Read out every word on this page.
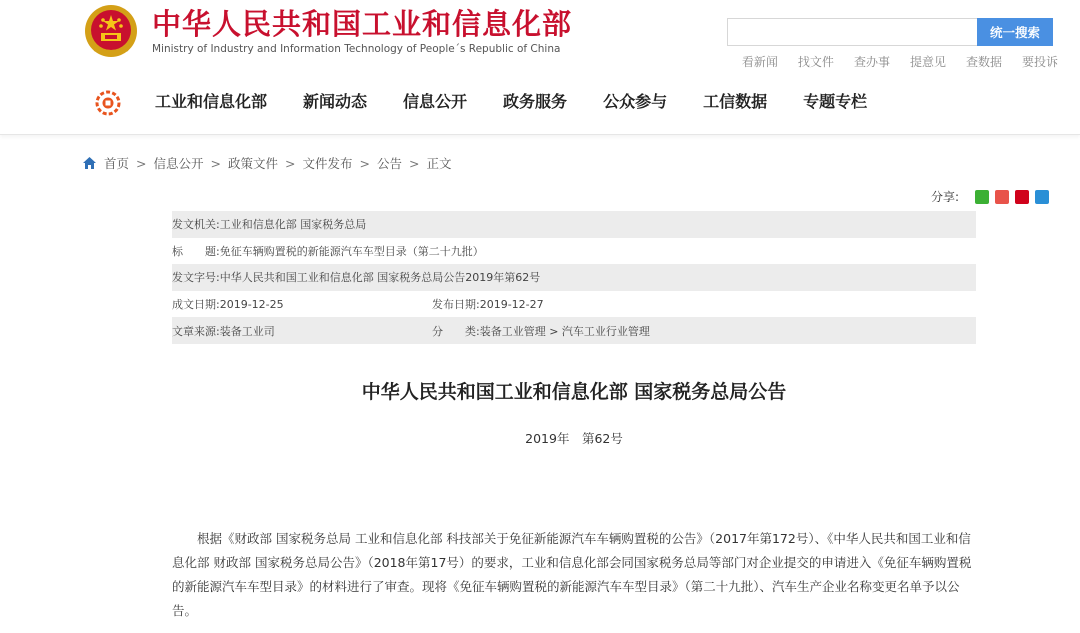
中华人民共和国工业和信息化部
Ministry of Industry and Information Technology of People´s Republic of China
统一搜索
看新闻 找文件 查办事 提意见 查数据 要投诉
工业和信息化部 新闻动态 信息公开 政务服务 公众参与 工信数据 专题专栏
首页 > 信息公开 > 政策文件 > 文件发布 > 公告 > 正文
分享:
发文机关: 工业和信息化部 国家税务总局
标　　题: 免征车辆购置税的新能源汽车车型目录（第二十九批）
发文字号: 中华人民共和国工业和信息化部 国家税务总局公告2019年第62号
成文日期: 2019-12-25	发布日期: 2019-12-27
文章来源: 装备工业司	分　　类: 装备工业管理 > 汽车工业行业管理
中华人民共和国工业和信息化部 国家税务总局公告
2019年　第62号

根据《财政部 国家税务总局 工业和信息化部 科技部关于免征新能源汽车车辆购置税的公告》（2017年第172号）、《中华人民共和国工业和信息化部 财政部 国家税务总局公告》（2018年第17号）的要求，工业和信息化部会同国家税务总局等部门对企业提交的申请进入《免征车辆购置税的新能源汽车车型目录》的材料进行了审查。现将《免征车辆购置税的新能源汽车车型目录》（第二十九批）、汽车生产企业名称变更名单予以公告。
